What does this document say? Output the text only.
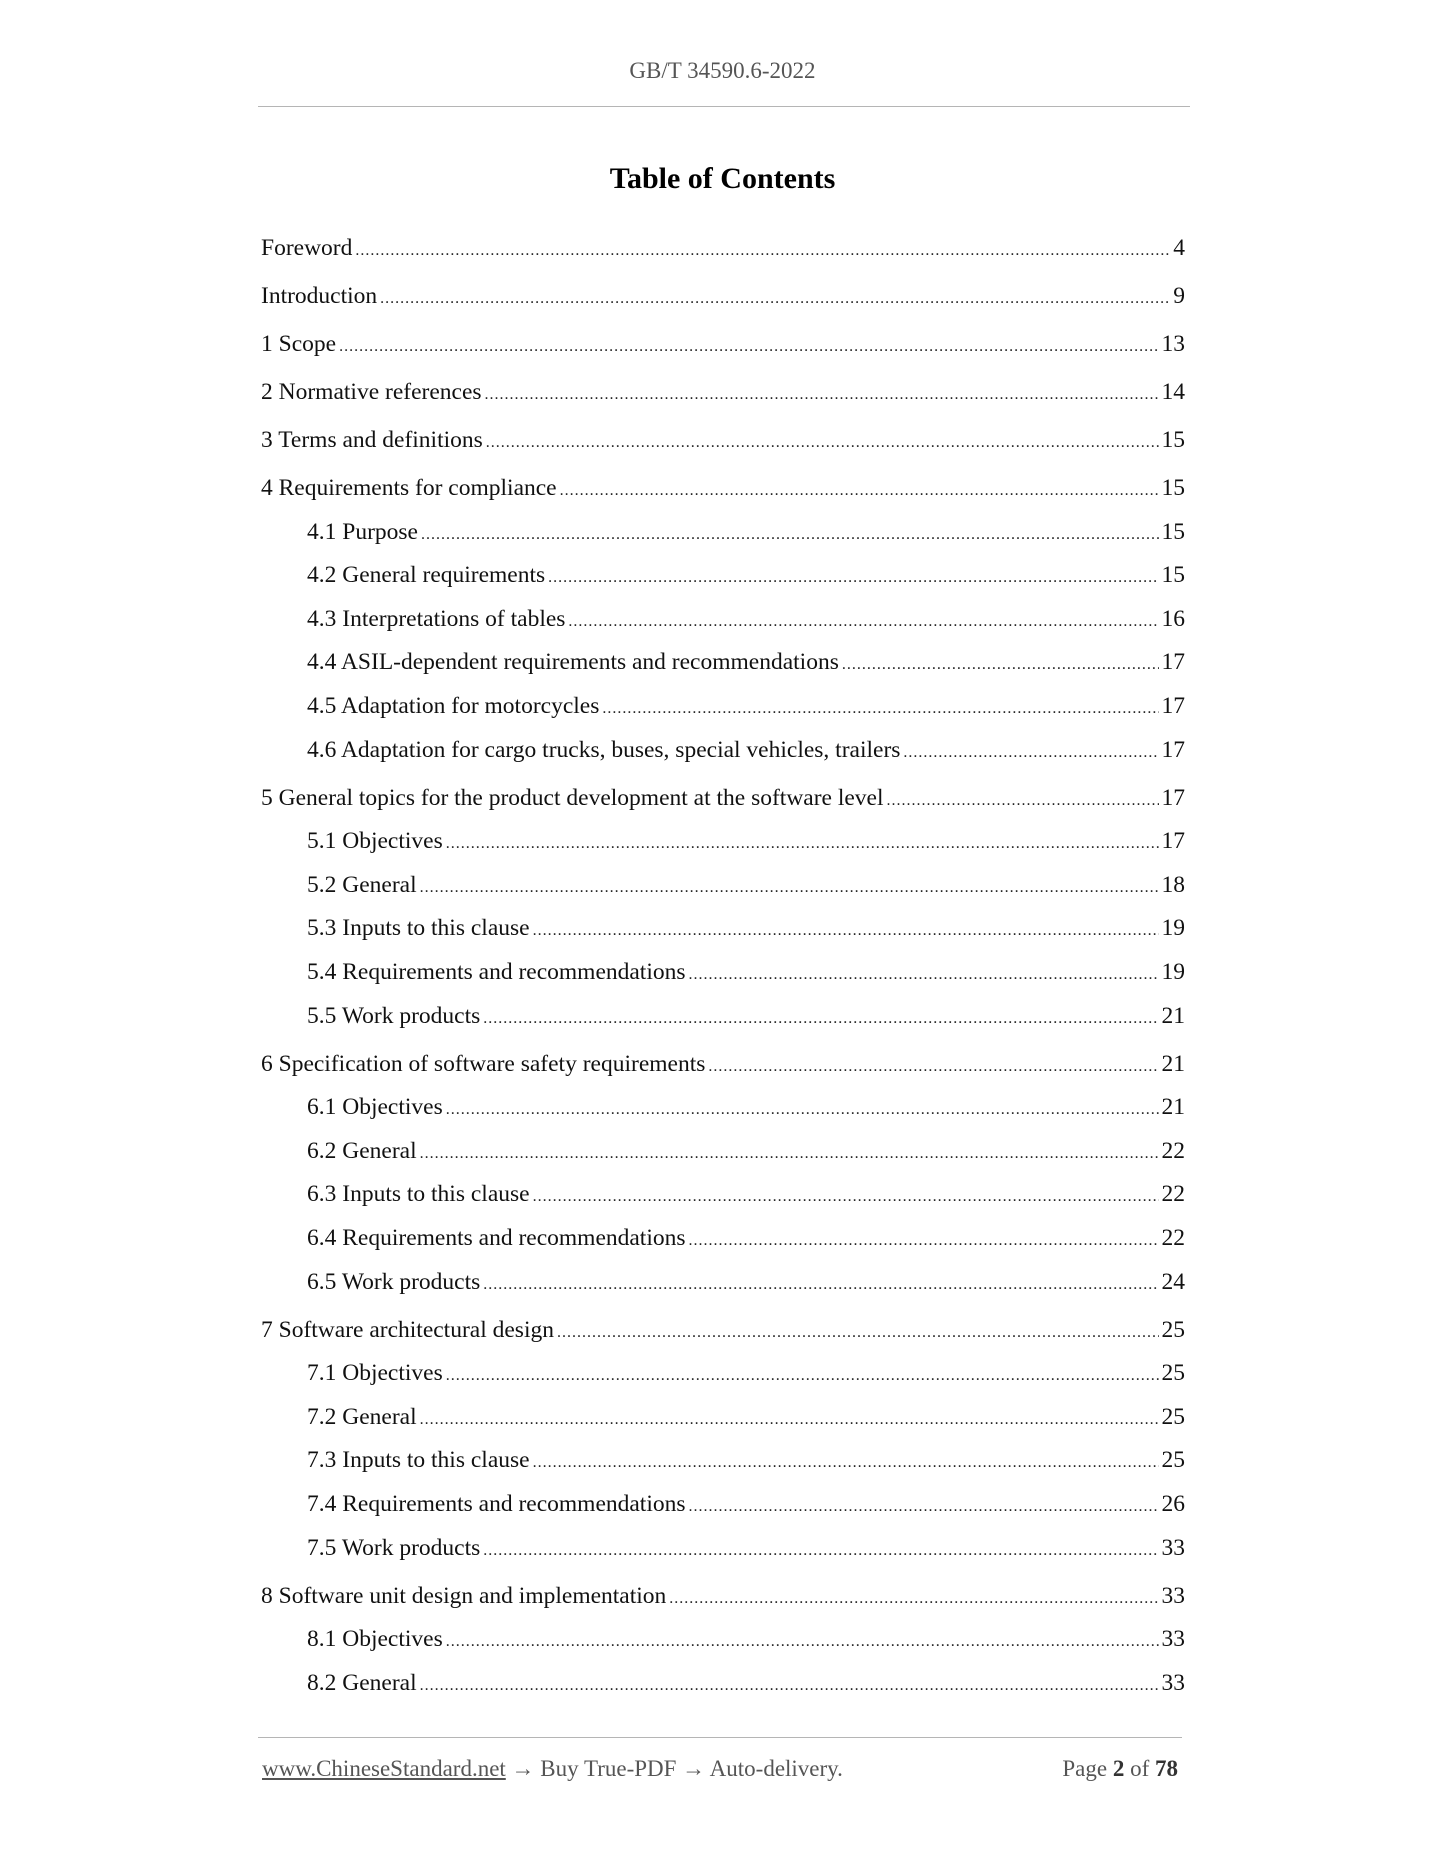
GB/T 34590.6-2022
Table of Contents
Foreword .....	4
Introduction .....	9
1 Scope .....	13
2 Normative references .....	14
3 Terms and definitions .....	15
4 Requirements for compliance .....	15
4.1 Purpose .....	15
4.2 General requirements .....	15
4.3 Interpretations of tables .....	16
4.4 ASIL-dependent requirements and recommendations .....	17
4.5 Adaptation for motorcycles .....	17
4.6 Adaptation for cargo trucks, buses, special vehicles, trailers .....	17
5 General topics for the product development at the software level .....	17
5.1 Objectives .....	17
5.2 General .....	18
5.3 Inputs to this clause .....	19
5.4 Requirements and recommendations .....	19
5.5 Work products .....	21
6 Specification of software safety requirements .....	21
6.1 Objectives .....	21
6.2 General .....	22
6.3 Inputs to this clause .....	22
6.4 Requirements and recommendations .....	22
6.5 Work products .....	24
7 Software architectural design .....	25
7.1 Objectives .....	25
7.2 General .....	25
7.3 Inputs to this clause .....	25
7.4 Requirements and recommendations .....	26
7.5 Work products .....	33
8 Software unit design and implementation .....	33
8.1 Objectives .....	33
8.2 General .....	33
www.ChineseStandard.net → Buy True-PDF → Auto-delivery.	Page 2 of 78
